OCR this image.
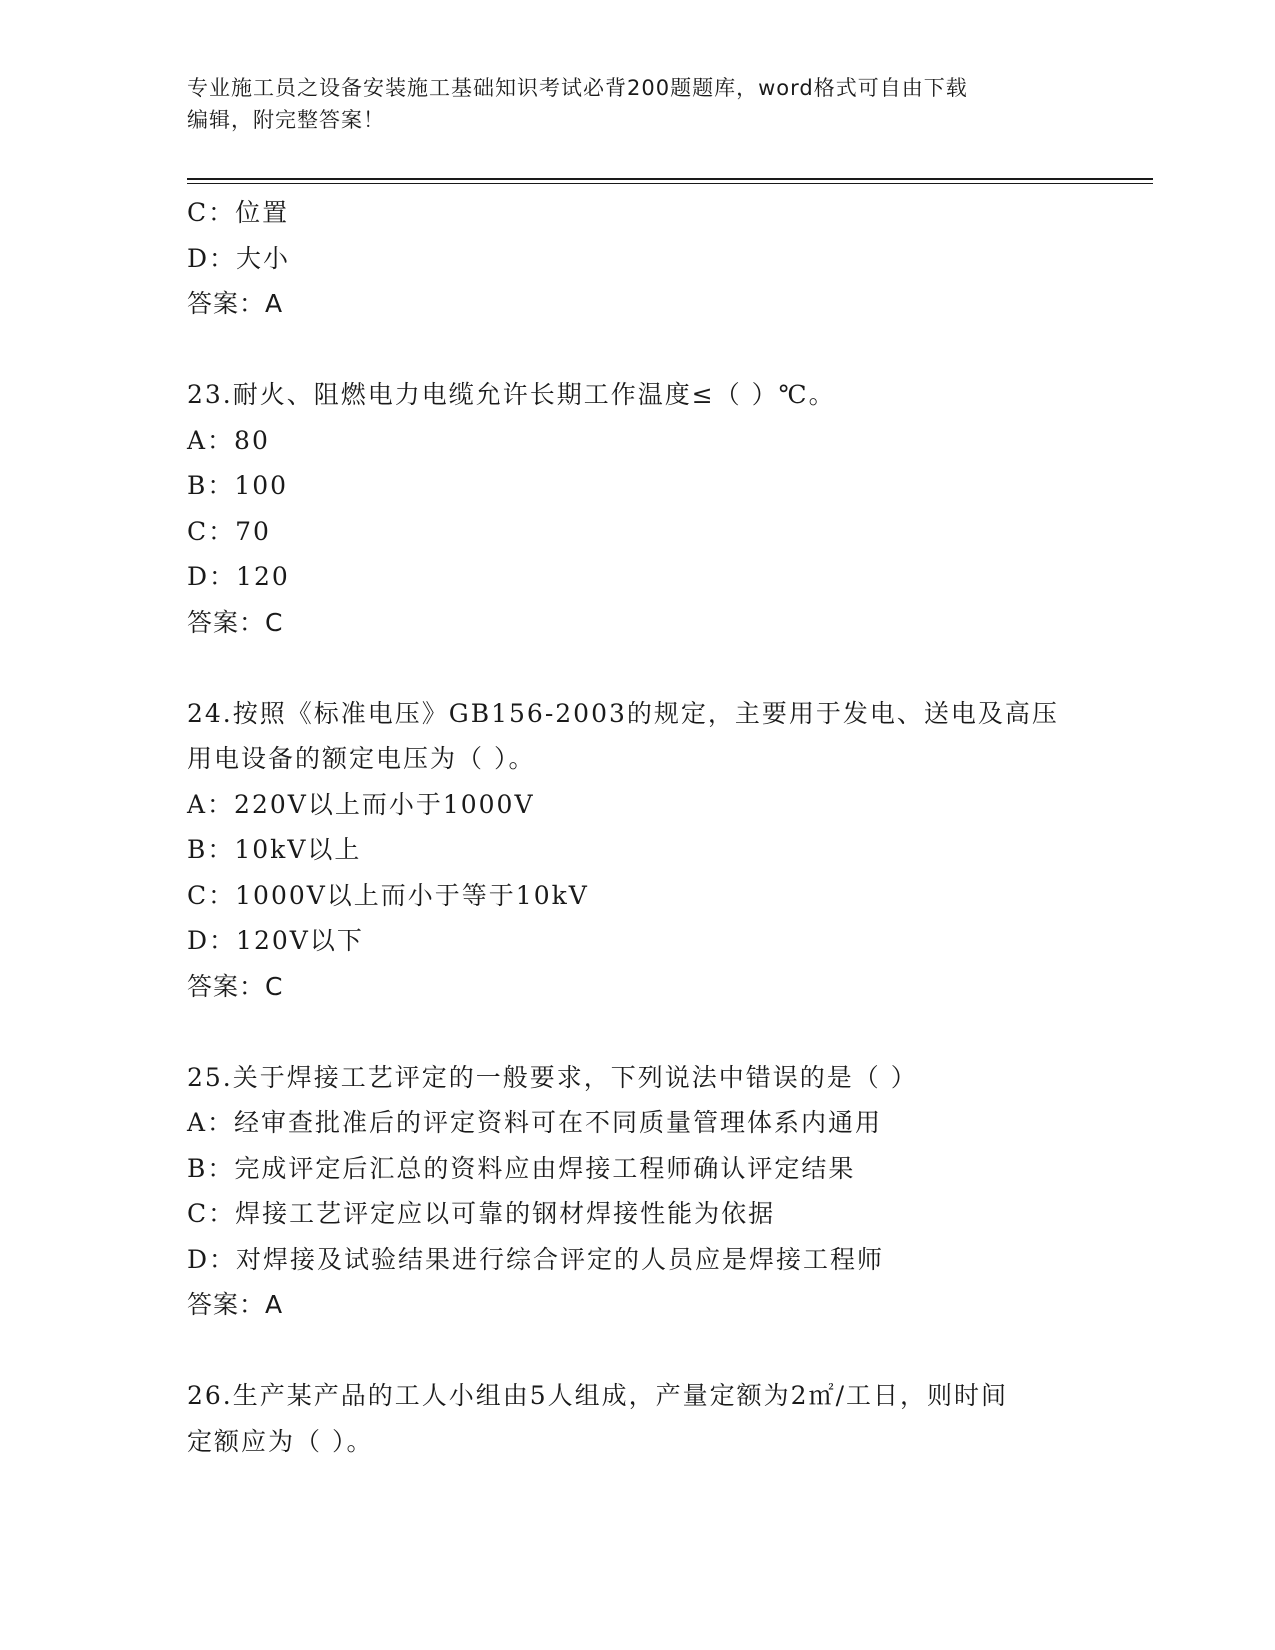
专业施工员之设备安装施工基础知识考试必背200题题库，word格式可自由下载
编辑，附完整答案！
C：位置
D：大小
答案：A
23.耐火、阻燃电力电缆允许长期工作温度≤（ ）℃。
A：80
B：100
C：70
D：120
答案：C
24.按照《标准电压》GB156-2003的规定，主要用于发电、送电及高压
用电设备的额定电压为（ ）。
A：220V以上而小于1000V
B：10kV以上
C：1000V以上而小于等于10kV
D：120V以下
答案：C
25.关于焊接工艺评定的一般要求，下列说法中错误的是（ ）
A：经审查批准后的评定资料可在不同质量管理体系内通用
B：完成评定后汇总的资料应由焊接工程师确认评定结果
C：焊接工艺评定应以可靠的钢材焊接性能为依据
D：对焊接及试验结果进行综合评定的人员应是焊接工程师
答案：A
26.生产某产品的工人小组由5人组成，产量定额为2㎡/工日，则时间
定额应为（ ）。
